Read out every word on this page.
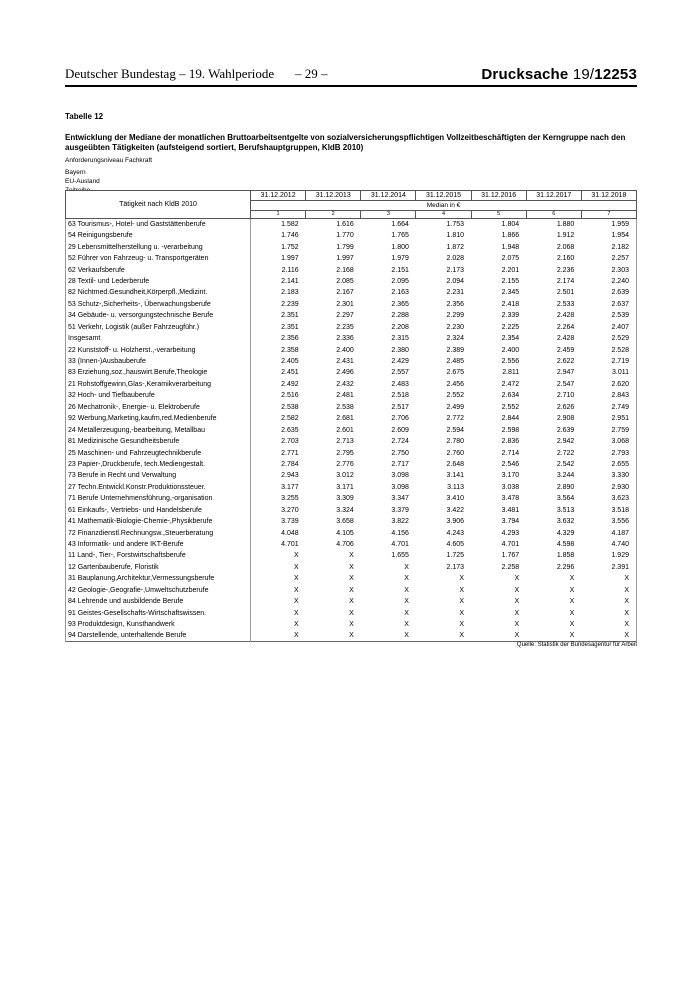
Deutscher Bundestag – 19. Wahlperiode – 29 –	Drucksache 19/12253
Tabelle 12
Entwicklung der Mediane der monatlichen Bruttoarbeitsentgelte von sozialversicherungspflichtigen Vollzeitbeschäftigten der Kerngruppe nach den ausgeübten Tätigkeiten (aufsteigend sortiert, Berufshauptgruppen, KldB 2010)
Anforderungsniveau Fachkraft
Bayern
EU-Ausland
Tätigkeit nach KldB 2010	31.12.2012	31.12.2013	31.12.2014	31.12.2015	31.12.2016	31.12.2017	31.12.2018
	Median in €						
	1	2	3	4	5	6	7
63 Tourismus-, Hotel- und Gaststättenberufe	1.582	1.616	1.664	1.753	1.804	1.880	1.959
54 Reinigungsberufe	1.746	1.770	1.765	1.810	1.866	1.912	1.954
29 Lebensmittelherstellung u. -verarbeitung	1.752	1.799	1.800	1.872	1.948	2.068	2.182
52 Führer von Fahrzeug- u. Transportgeräten	1.997	1.997	1.979	2.028	2.075	2.160	2.257
62 Verkaufsberufe	2.116	2.168	2.151	2.173	2.201	2.236	2.303
28 Textil- und Lederberufe	2.141	2.085	2.095	2.094	2.155	2.174	2.240
82 Nichtmed.Gesundheit,Körperpfl.,Medizint.	2.183	2.167	2.163	2.231	2.345	2.501	2.639
53 Schutz-,Sicherheits-, Überwachungsberufe	2.239	2.301	2.365	2.356	2.418	2.533	2.637
34 Gebäude- u. versorgungstechnische Berufe	2.351	2.297	2.288	2.299	2.339	2.428	2.539
51 Verkehr, Logistik (außer Fahrzeugführ.)	2.351	2.235	2.208	2.230	2.225	2.264	2.407
Insgesamt	2.356	2.336	2.315	2.324	2.354	2.428	2.529
22 Kunststoff- u. Holzherst.,-verarbeitung	2.358	2.400	2.380	2.389	2.400	2.459	2.528
33 (Innen-)Ausbauberufe	2.405	2.431	2.429	2.485	2.556	2.622	2.719
83 Erziehung,soz.,hauswirt.Berufe,Theologie	2.451	2.496	2.557	2.675	2.811	2.947	3.011
21 Rohstoffgewinn,Glas-,Keramikverarbeitung	2.492	2.432	2.483	2.456	2.472	2.547	2.620
32 Hoch- und Tiefbauberufe	2.516	2.481	2.518	2.552	2.634	2.710	2.843
26 Mechatronik-, Energie- u. Elektroberufe	2.538	2.538	2.517	2.499	2.552	2.626	2.749
92 Werbung,Marketing,kaufm,red.Medienberufe	2.582	2.681	2.706	2.772	2.844	2.908	2.951
24 Metallerzeugung,-bearbeitung, Metallbau	2.635	2.601	2.609	2.594	2.598	2.639	2.759
81 Medizinische Gesundheitsberufe	2.703	2.713	2.724	2.780	2.836	2.942	3.068
25 Maschinen- und Fahrzeugtechnikberufe	2.771	2.795	2.750	2.760	2.714	2.722	2.793
23 Papier-,Druckberufe, tech.Mediengestalt.	2.784	2.776	2.717	2.648	2.546	2.542	2.655
73 Berufe in Recht und Verwaltung	2.943	3.012	3.098	3.141	3.170	3.244	3.330
27 Techn.Entwickl.Konstr.Produktionssteuer.	3.177	3.171	3.098	3.113	3.038	2.890	2.930
71 Berufe Unternehmensführung,-organisation	3.255	3.309	3.347	3.410	3.478	3.564	3.623
61 Einkaufs-, Vertriebs- und Handelsberufe	3.270	3.324	3.379	3.422	3.481	3.513	3.518
41 Mathematik-Biologie-Chemie-,Physikberufe	3.739	3.658	3.822	3.906	3.794	3.632	3.556
72 Finanzdienstl.Rechnungsw.,Steuerberatung	4.048	4.105	4.156	4.243	4.293	4.329	4.187
43 Informatik- und andere IKT-Berufe	4.701	4.706	4.701	4.605	4.701	4.598	4.740
11 Land-, Tier-, Forstwirtschaftsberufe	X	X	1.655	1.725	1.767	1.858	1.929
12 Gartenbauberufe, Floristik	X	X	X	2.173	2.258	2.296	2.391
31 Bauplanung,Architektur,Vermessungsberufe	X	X	X	X	X	X	X
42 Geologie-,Geografie-,Umweltschutzberufe	X	X	X	X	X	X	X
84 Lehrende und ausbildende Berufe	X	X	X	X	X	X	X
91 Geistes-Gesellschafts-Wirtschaftswissen.	X	X	X	X	X	X	X
93 Produktdesign, Kunsthandwerk	X	X	X	X	X	X	X
94 Darstellende, unterhaltende Berufe	X	X	X	X	X	X	X
Quelle: Statistik der Bundesagentur für Arbeit
